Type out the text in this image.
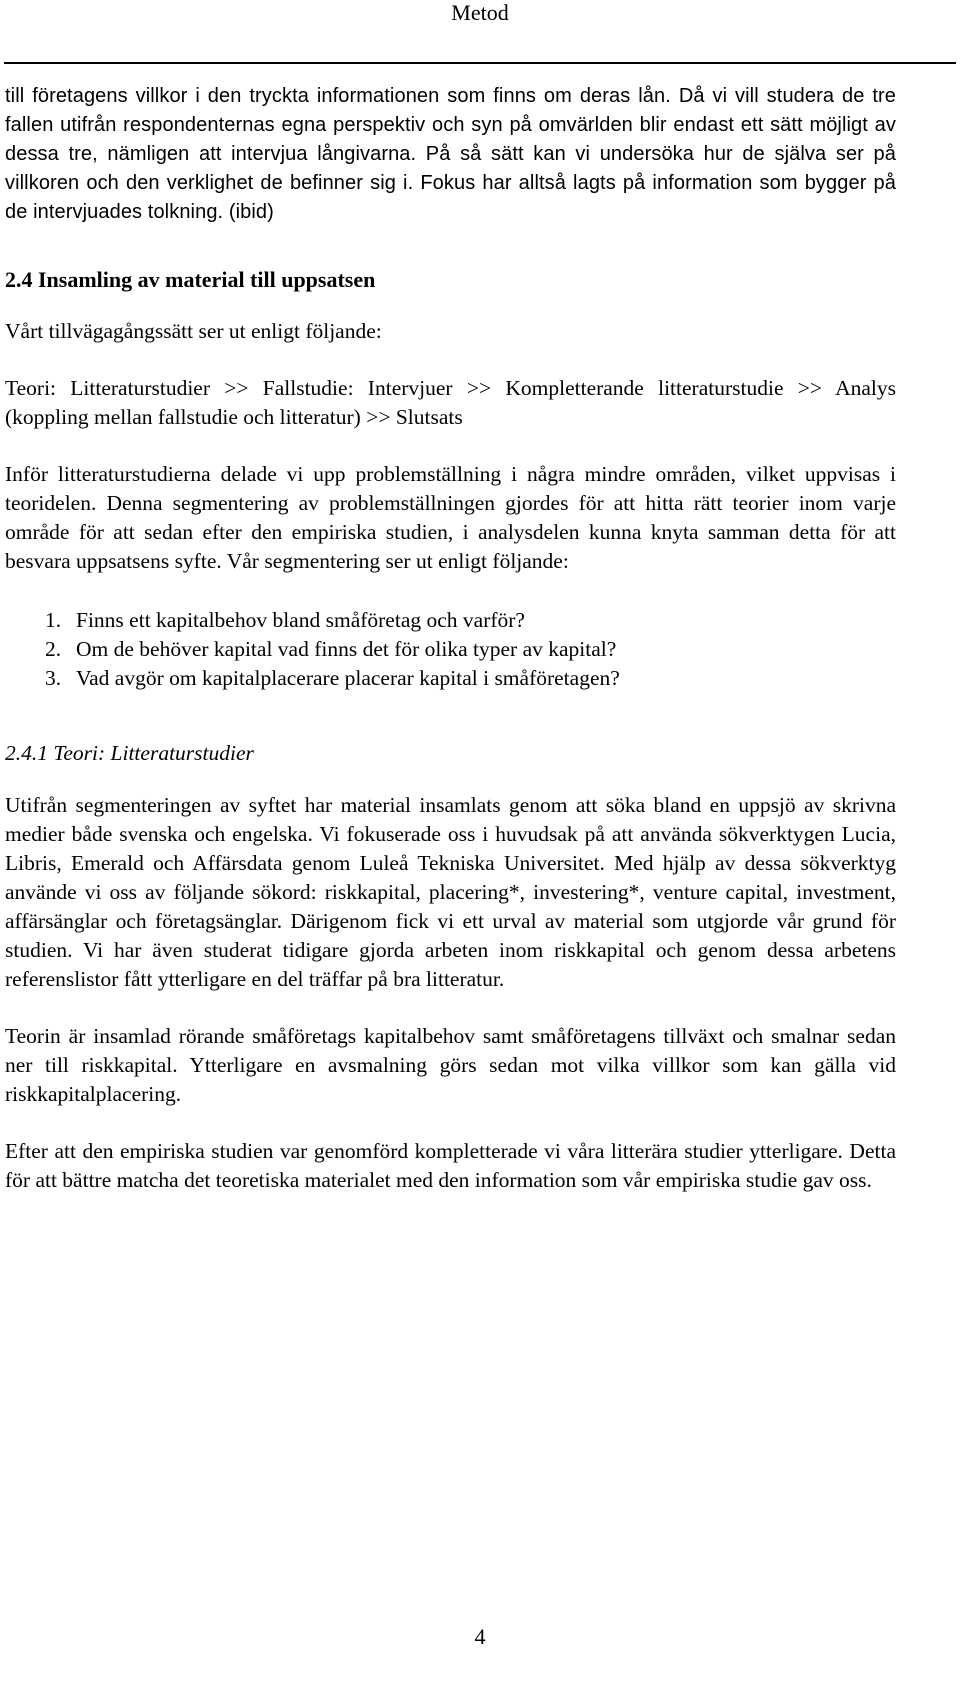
Metod

till företagens villkor i den tryckta informationen som finns om deras lån. Då vi vill studera de tre fallen utifrån respondenternas egna perspektiv och syn på omvärlden blir endast ett sätt möjligt av dessa tre, nämligen att intervjua långivarna. På så sätt kan vi undersöka hur de själva ser på villkoren och den verklighet de befinner sig i. Fokus har alltså lagts på information som bygger på de intervjuades tolkning. (ibid)

2.4 Insamling av material till uppsatsen

Vårt tillvägagångssätt ser ut enligt följande:

Teori: Litteraturstudier >> Fallstudie: Intervjuer >> Kompletterande litteraturstudie >> Analys (koppling mellan fallstudie och litteratur) >> Slutsats

Inför litteraturstudierna delade vi upp problemställning i några mindre områden, vilket uppvisas i teoridelen. Denna segmentering av problemställningen gjordes för att hitta rätt teorier inom varje område för att sedan efter den empiriska studien, i analysdelen kunna knyta samman detta för att besvara uppsatsens syfte. Vår segmentering ser ut enligt följande:

1. Finns ett kapitalbehov bland småföretag och varför?
2. Om de behöver kapital vad finns det för olika typer av kapital?
3. Vad avgör om kapitalplacerare placerar kapital i småföretagen?
2.4.1 Teori: Litteraturstudier

Utifrån segmenteringen av syftet har material insamlats genom att söka bland en uppsjö av skrivna medier både svenska och engelska. Vi fokuserade oss i huvudsak på att använda sökverktygen Lucia, Libris, Emerald och Affärsdata genom Luleå Tekniska Universitet. Med hjälp av dessa sökverktyg använde vi oss av följande sökord: riskkapital, placering*, investering*, venture capital, investment, affärsänglar och företagsänglar. Därigenom fick vi ett urval av material som utgjorde vår grund för studien. Vi har även studerat tidigare gjorda arbeten inom riskkapital och genom dessa arbetens referenslistor fått ytterligare en del träffar på bra litteratur.

Teorin är insamlad rörande småföretags kapitalbehov samt småföretagens tillväxt och smalnar sedan ner till riskkapital. Ytterligare en avsmalning görs sedan mot vilka villkor som kan gälla vid riskkapitalplacering.

Efter att den empiriska studien var genomförd kompletterade vi våra litterära studier ytterligare. Detta för att bättre matcha det teoretiska materialet med den information som vår empiriska studie gav oss.

4
